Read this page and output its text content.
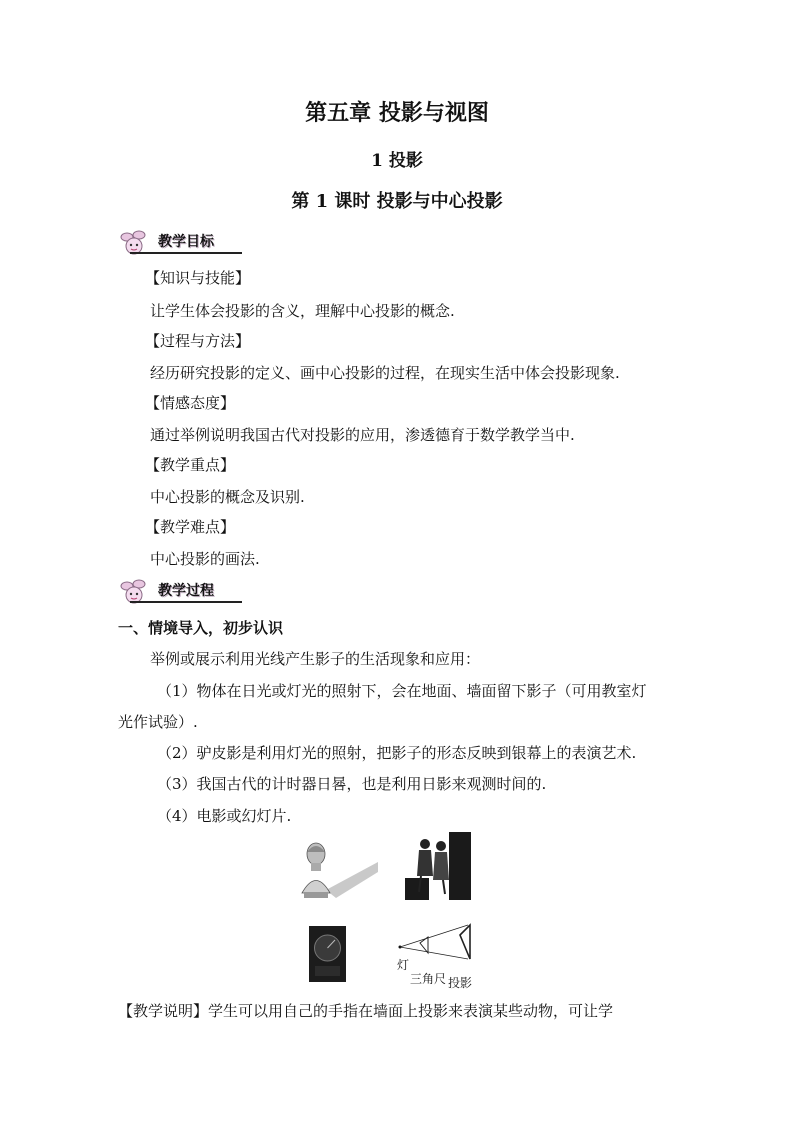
第五章 投影与视图
1 投影
第 1 课时 投影与中心投影
教学目标
【知识与技能】
让学生体会投影的含义，理解中心投影的概念.
【过程与方法】
经历研究投影的定义、画中心投影的过程，在现实生活中体会投影现象.
【情感态度】
通过举例说明我国古代对投影的应用，渗透德育于数学教学当中.
【教学重点】
中心投影的概念及识别.
【教学难点】
中心投影的画法.
教学过程
一、情境导入，初步认识
举例或展示利用光线产生影子的生活现象和应用：
（1）物体在日光或灯光的照射下，会在地面、墙面留下影子（可用教室灯
光作试验）.
（2）驴皮影是利用灯光的照射，把影子的形态反映到银幕上的表演艺术.
（3）我国古代的计时器日晷，也是利用日影来观测时间的.
（4）电影或幻灯片.
灯
三角尺 投影
【教学说明】学生可以用自己的手指在墙面上投影来表演某些动物，可让学
